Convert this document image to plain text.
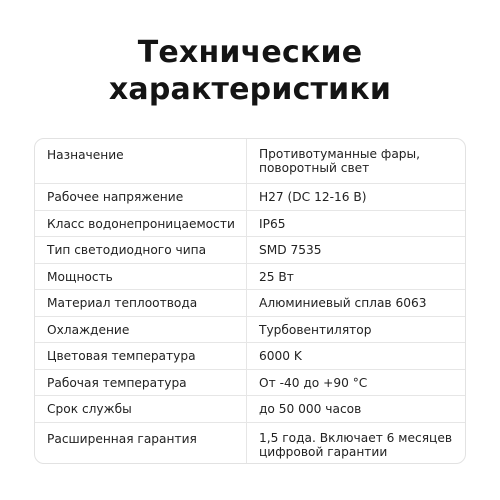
Технические
характеристики
Назначение	Противотуманные фары,
поворотный свет
Рабочее напряжение	H27 (DC 12-16 В)
Класс водонепроницаемости IP65
Тип светодиодного чипа	SMD 7535
Мощность	25 Вт
Материал теплоотвода	Алюминиевый сплав 6063
Охлаждение	Турбовентилятор
Цветовая температура	6000 K
Рабочая температура	От -40 до +90 °C
Срок службы	до 50 000 часов
Расширенная гарантия	1,5 года. Включает 6 месяцев
цифровой гарантии
